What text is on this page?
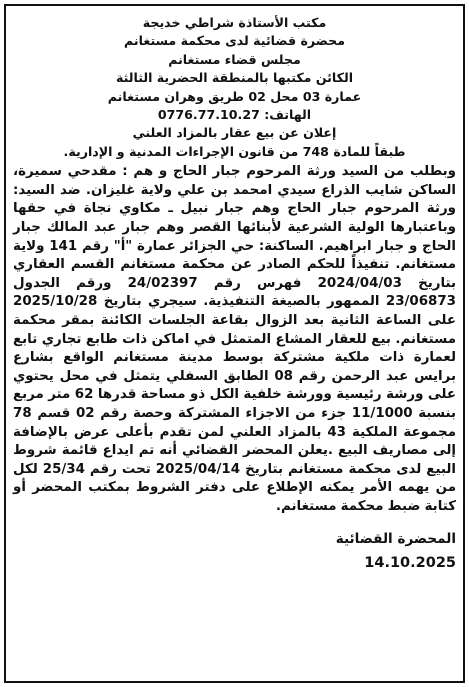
مكتب الأستاذة شراطي خديجة
محضرة قضائية لدى محكمة مستغانم
مجلس قضاء مستغانم
الكائن مكتبها بالمنطقة الحضرية الثالثة
عمارة 03 محل 02 طريق وهران مستغانم
الهاتف: 0776.77.10.27
إعلان عن بيع عقار بالمزاد العلني
طبقاً للمادة 748 من قانون الإجراءات المدنية و الإدارية.

وبطلب من السيد ورثة المرحوم جبار الحاج و هم : مقدحي سميرة، الساكن شايب الذراع سيدي امحمد بن علي ولاية غليزان. ضد السيد: ورثة المرحوم جبار الحاج وهم جبار نبيل ـ مكاوي نجاة في حقها وباعتبارها الولية الشرعية لأبنائها القصر وهم جبار عبد المالك جبار الحاج و جبار ابراهيم. الساكنة: حي الجزائر عمارة "أ" رقم 141 ولاية مستغانم. تنفيذاً للحكم الصادر عن محكمة مستغانم القسم العقاري بتاريخ 2024/04/03 فهرس رقم 24/02397 ورقم الجدول 23/06873 الممهور بالصيغة التنفيذية. سيجري بتاريخ 2025/10/28 على الساعة الثانية بعد الزوال بقاعة الجلسات الكائنة بمقر محكمة مستغانم. بيع للعقار المشاع المتمثل في اماكن ذات طابع تجاري تابع لعمارة ذات ملكية مشتركة بوسط مدينة مستغانم الواقع بشارع برايس عبد الرحمن رقم 08 الطابق السفلي يتمثل في محل يحتوي على ورشة رئيسية وورشة خلفية الكل ذو مساحة قدرها 62 متر مربع بنسبة 11/1000 جزء من الاجزاء المشتركة وحصة رقم 02 قسم 78 مجموعة الملكية 43 بالمزاد العلني لمن تقدم بأعلى عرض بالإضافة إلى مصاريف البيع .يعلن المحضر القضائي أنه تم ايداع قائمة شروط البيع لدى محكمة مستغانم بتاريخ 2025/04/14 تحت رقم 25/34 لكل من يهمه الأمر يمكنه الإطلاع على دفتر الشروط بمكتب المحضر أو كتابة ضبط محكمة مستغانم.

المحضرة القضائية
14.10.2025
